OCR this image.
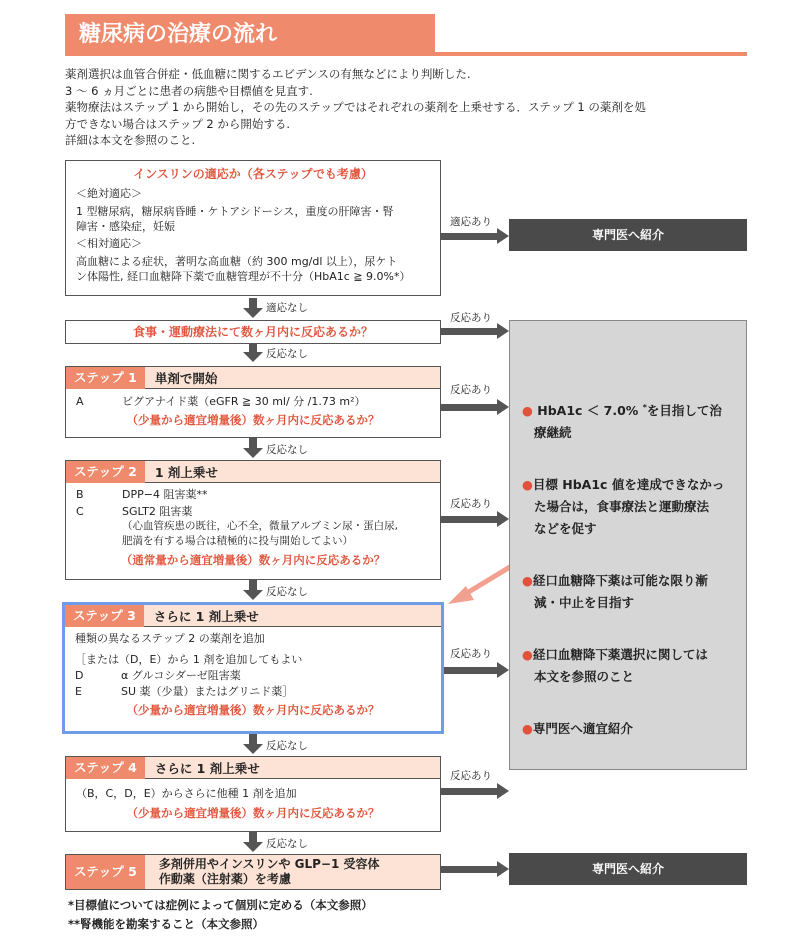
糖尿病の治療の流れ
薬剤選択は血管合併症・低血糖に関するエビデンスの有無などにより判断した.
3 ～ 6 ヵ月ごとに患者の病態や目標値を見直す.
薬物療法はステップ 1 から開始し，その先のステップではそれぞれの薬剤を上乗せする．ステップ 1 の薬剤を処
方できない場合はステップ 2 から開始する.
詳細は本文を参照のこと.
インスリンの適応か（各ステップでも考慮）
＜絶対適応＞
1 型糖尿病，糖尿病昏睡・ケトアシドーシス，重度の肝障害・腎
障害・感染症，妊娠
＜相対適応＞
高血糖による症状，著明な高血糖（約 300 mg/dl 以上），尿ケト
ン体陽性, 経口血糖降下薬で血糖管理が不十分（HbA1c ≧ 9.0%*）
適応あり
適応なし
反応あり
反応なし
反応あり
反応なし
反応あり
反応なし
反応あり
反応なし
反応あり
反応なし
専門医へ紹介
専門医へ紹介
食事・運動療法にて数ヶ月内に反応あるか？
ステップ 1	単剤で開始
A	ビグアナイド薬（eGFR ≧ 30 ml/ 分 /1.73 m²）
（少量から適宜増量後）数ヶ月内に反応あるか？
ステップ 2	1 剤上乗せ
B	DPP−4 阻害薬**
C	SGLT2 阻害薬
（心血管疾患の既往，心不全，微量アルブミン尿・蛋白尿,
肥満を有する場合は積極的に投与開始してよい）
（通常量から適宜増量後）数ヶ月内に反応あるか？
ステップ 3	さらに 1 剤上乗せ
種類の異なるステップ 2 の薬剤を追加
［または（D，E）から 1 剤を追加してもよい
D	α グルコシダーゼ阻害薬
E	SU 薬（少量）またはグリニド薬］
（少量から適宜増量後）数ヶ月内に反応あるか？
ステップ 4	さらに 1 剤上乗せ
（B，C，D，E）からさらに他種 1 剤を追加
（少量から適宜増量後）数ヶ月内に反応あるか？
ステップ 5	多剤併用やインスリンや GLP−1 受容体
作動薬（注射薬）を考慮
● HbA1c ＜ 7.0% *を目指して治
療継続
●目標 HbA1c 値を達成できなかっ
た場合は，食事療法と運動療法
などを促す
●経口血糖降下薬は可能な限り漸
減・中止を目指す
●経口血糖降下薬選択に関しては
本文を参照のこと
●専門医へ適宜紹介
*目標値については症例によって個別に定める（本文参照）
**腎機能を勘案すること（本文参照）
